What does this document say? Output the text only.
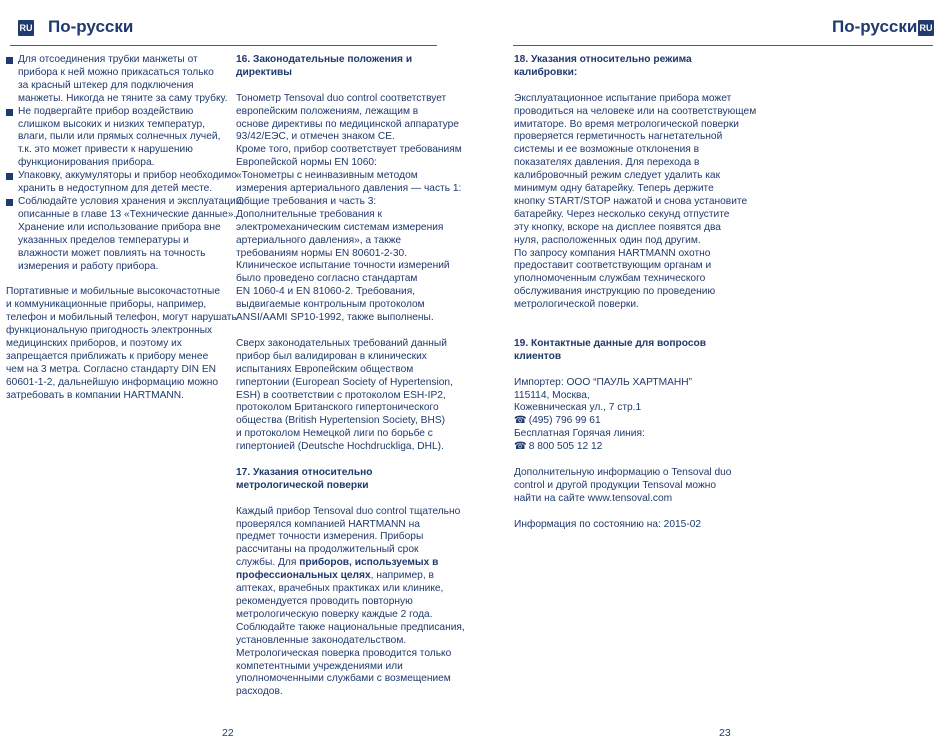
RU По-русски	По-русски RU
Для отсоединения трубки манжеты от
прибора к ней можно прикасаться только
за красный штекер для подключения
манжеты. Никогда не тяните за саму трубку.
Не подвергайте прибор воздействию
слишком высоких и низких температур,
влаги, пыли или прямых солнечных лучей,
т.к. это может привести к нарушению
функционирования прибора.
Упаковку, аккумуляторы и прибор необходимо
хранить в недоступном для детей месте.
Соблюдайте условия хранения и эксплуатации,
описанные в главе 13 «Технические данные».
Хранение или использование прибора вне
указанных пределов температуры и
влажности может повлиять на точность
измерения и работу прибора.

Портативные и мобильные высокочастотные
и коммуникационные приборы, например,
телефон и мобильный телефон, могут нарушать
функциональную пригодность электронных
медицинских приборов, и поэтому их
запрещается приближать к прибору менее
чем на 3 метра. Согласно стандарту DIN EN
60601-1-2, дальнейшую информацию можно
затребовать в компании HARTMANN.

16. Законодательные положения и
директивы

Тонометр Tensoval duo control соответствует
европейским положениям, лежащим в
основе директивы по медицинской аппаратуре
93/42/ЕЭС, и отмечен знаком CE.
Кроме того, прибор соответствует требованиям
Европейской нормы EN 1060:
«Тонометры с неинвазивным методом
измерения артериального давления — часть 1:
Общие требования и часть 3:
Дополнительные требования к
электромеханическим системам измерения
артериального давления», а также
требованиям нормы EN 80601-2-30.
Клиническое испытание точности измерений
было проведено согласно стандартам
EN 1060-4 и EN 81060-2. Требования,
выдвигаемые контрольным протоколом
ANSI/AAMI SP10-1992, также выполнены.

Сверх законодательных требований данный
прибор был валидирован в клинических
испытаниях Европейским обществом
гипертонии (European Society of Hypertension,
ESH) в соответствии с протоколом ESH-IP2,
протоколом Британского гипертонического
общества (British Hypertension Society, BHS)
и протоколом Немецкой лиги по борьбе с
гипертонией (Deutsche Hochdruckliga, DHL).

17. Указания относительно
метрологической поверки

Каждый прибор Tensoval duo control тщательно
проверялся компанией HARTMANN на
предмет точности измерения. Приборы
рассчитаны на продолжительный срок
службы. Для приборов, используемых в
профессиональных целях, например, в
аптеках, врачебных практиках или клинике,
рекомендуется проводить повторную
метрологическую поверку каждые 2 года.
Соблюдайте также национальные предписания,
установленные законодательством.
Метрологическая поверка проводится только
компетентными учреждениями или
уполномоченными службами с возмещением
расходов.

18. Указания относительно режима
калибровки:

Эксплуатационное испытание прибора может
проводиться на человеке или на соответствующем
имитаторе. Во время метрологической поверки
проверяется герметичность нагнетательной
системы и ее возможные отклонения в
показателях давления. Для перехода в
калибровочный режим следует удалить как
минимум одну батарейку. Теперь держите
кнопку START/STOP нажатой и снова установите
батарейку. Через несколько секунд отпустите
эту кнопку, вскоре на дисплее появятся два
нуля, расположенных один под другим.
По запросу компания HARTMANN охотно
предоставит соответствующим органам и
уполномоченным службам технического
обслуживания инструкцию по проведению
метрологической поверки.

19. Контактные данные для вопросов
клиентов

Импортер: ООО “ПАУЛЬ ХАРТМАНН”
115114, Москва,
Кожевническая ул., 7 стр.1
☎ (495) 796 99 61
Бесплатная Горячая линия:
☎ 8 800 505 12 12

Дополнительную информацию о Tensoval duo
control и другой продукции Tensoval можно
найти на сайте www.tensoval.com

Информация по состоянию на: 2015-02

22	23
